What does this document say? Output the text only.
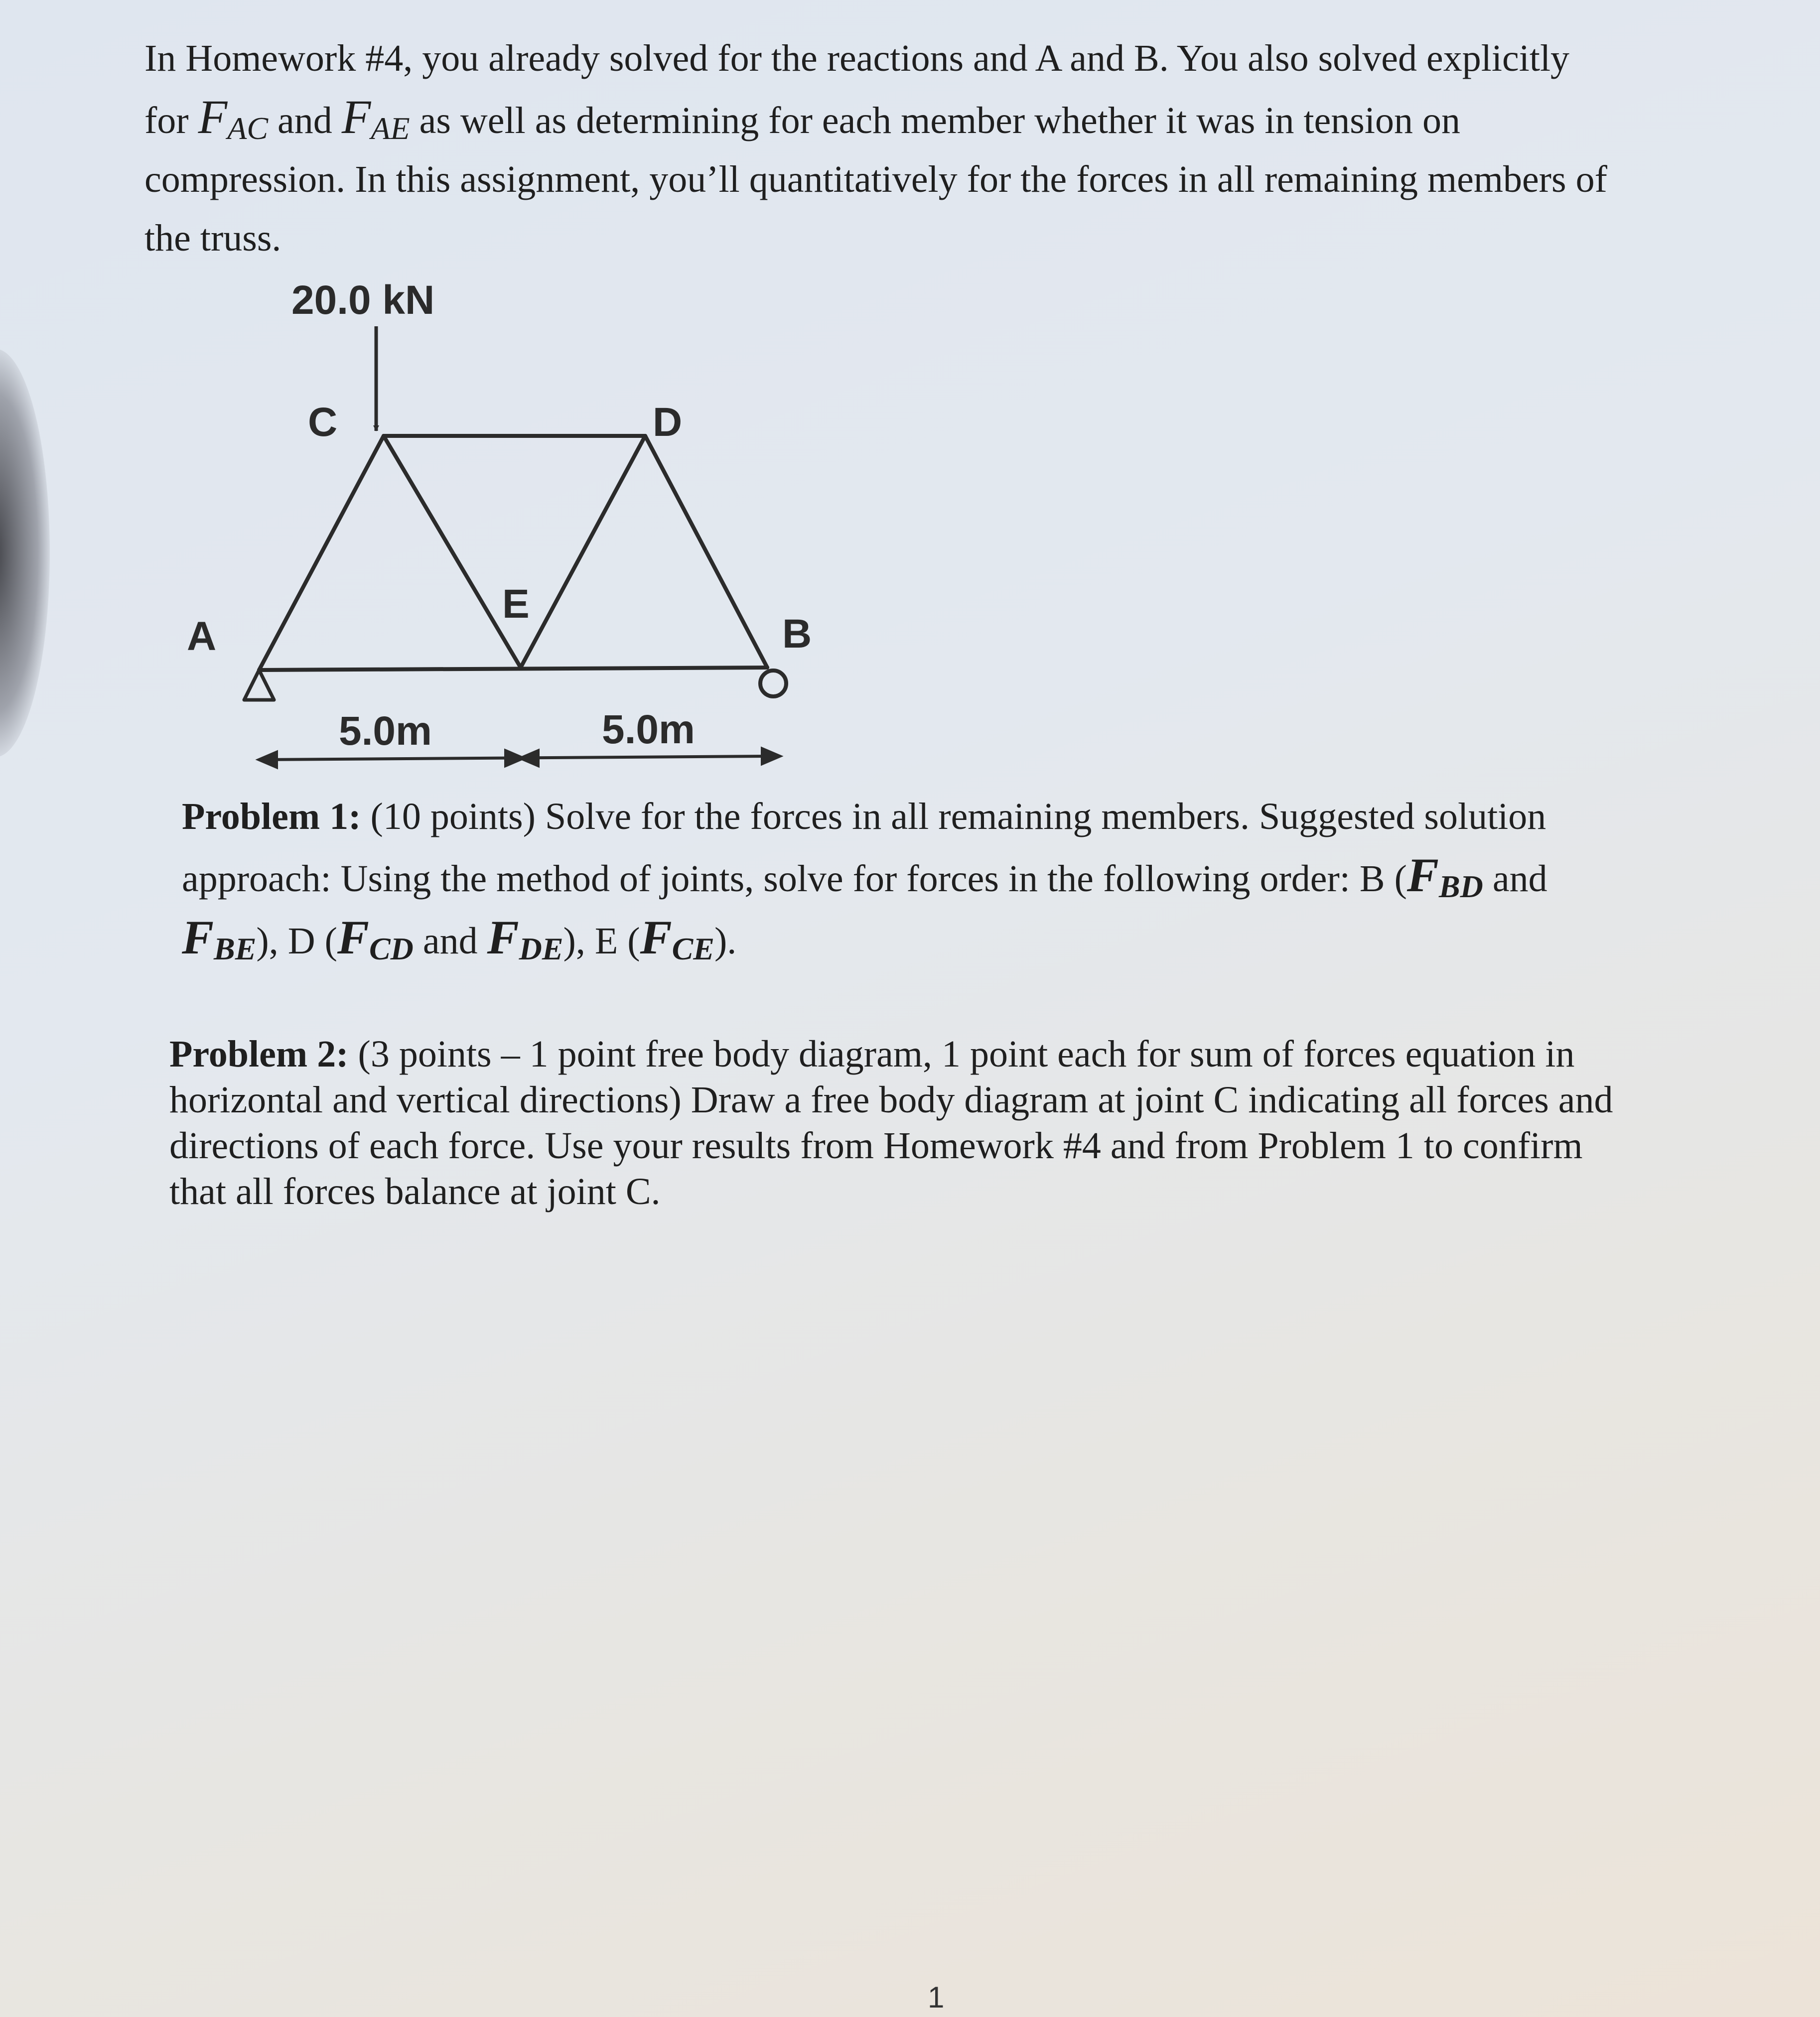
In Homework #4, you already solved for the reactions and A and B. You also solved explicitly
for $F_{AC}$ and $F_{AE}$ as well as determining for each member whether it was in tension on
compression. In this assignment, you’ll quantitatively for the forces in all remaining members of
the truss.
20.0 kN
C	D
E
A	B
5.0m	5.0m
Problem 1: (10 points) Solve for the forces in all remaining members. Suggested solution
approach: Using the method of joints, solve for forces in the following order: B ($F_{BD}$ and
$F_{BE}$), D ($F_{CD}$ and $F_{DE}$), E $(F_{CE})$.
Problem 2: (3 points – 1 point free body diagram, 1 point each for sum of forces equation in
horizontal and vertical directions) Draw a free body diagram at joint C indicating all forces and
directions of each force. Use your results from Homework #4 and from Problem 1 to confirm
that all forces balance at joint C.
1
